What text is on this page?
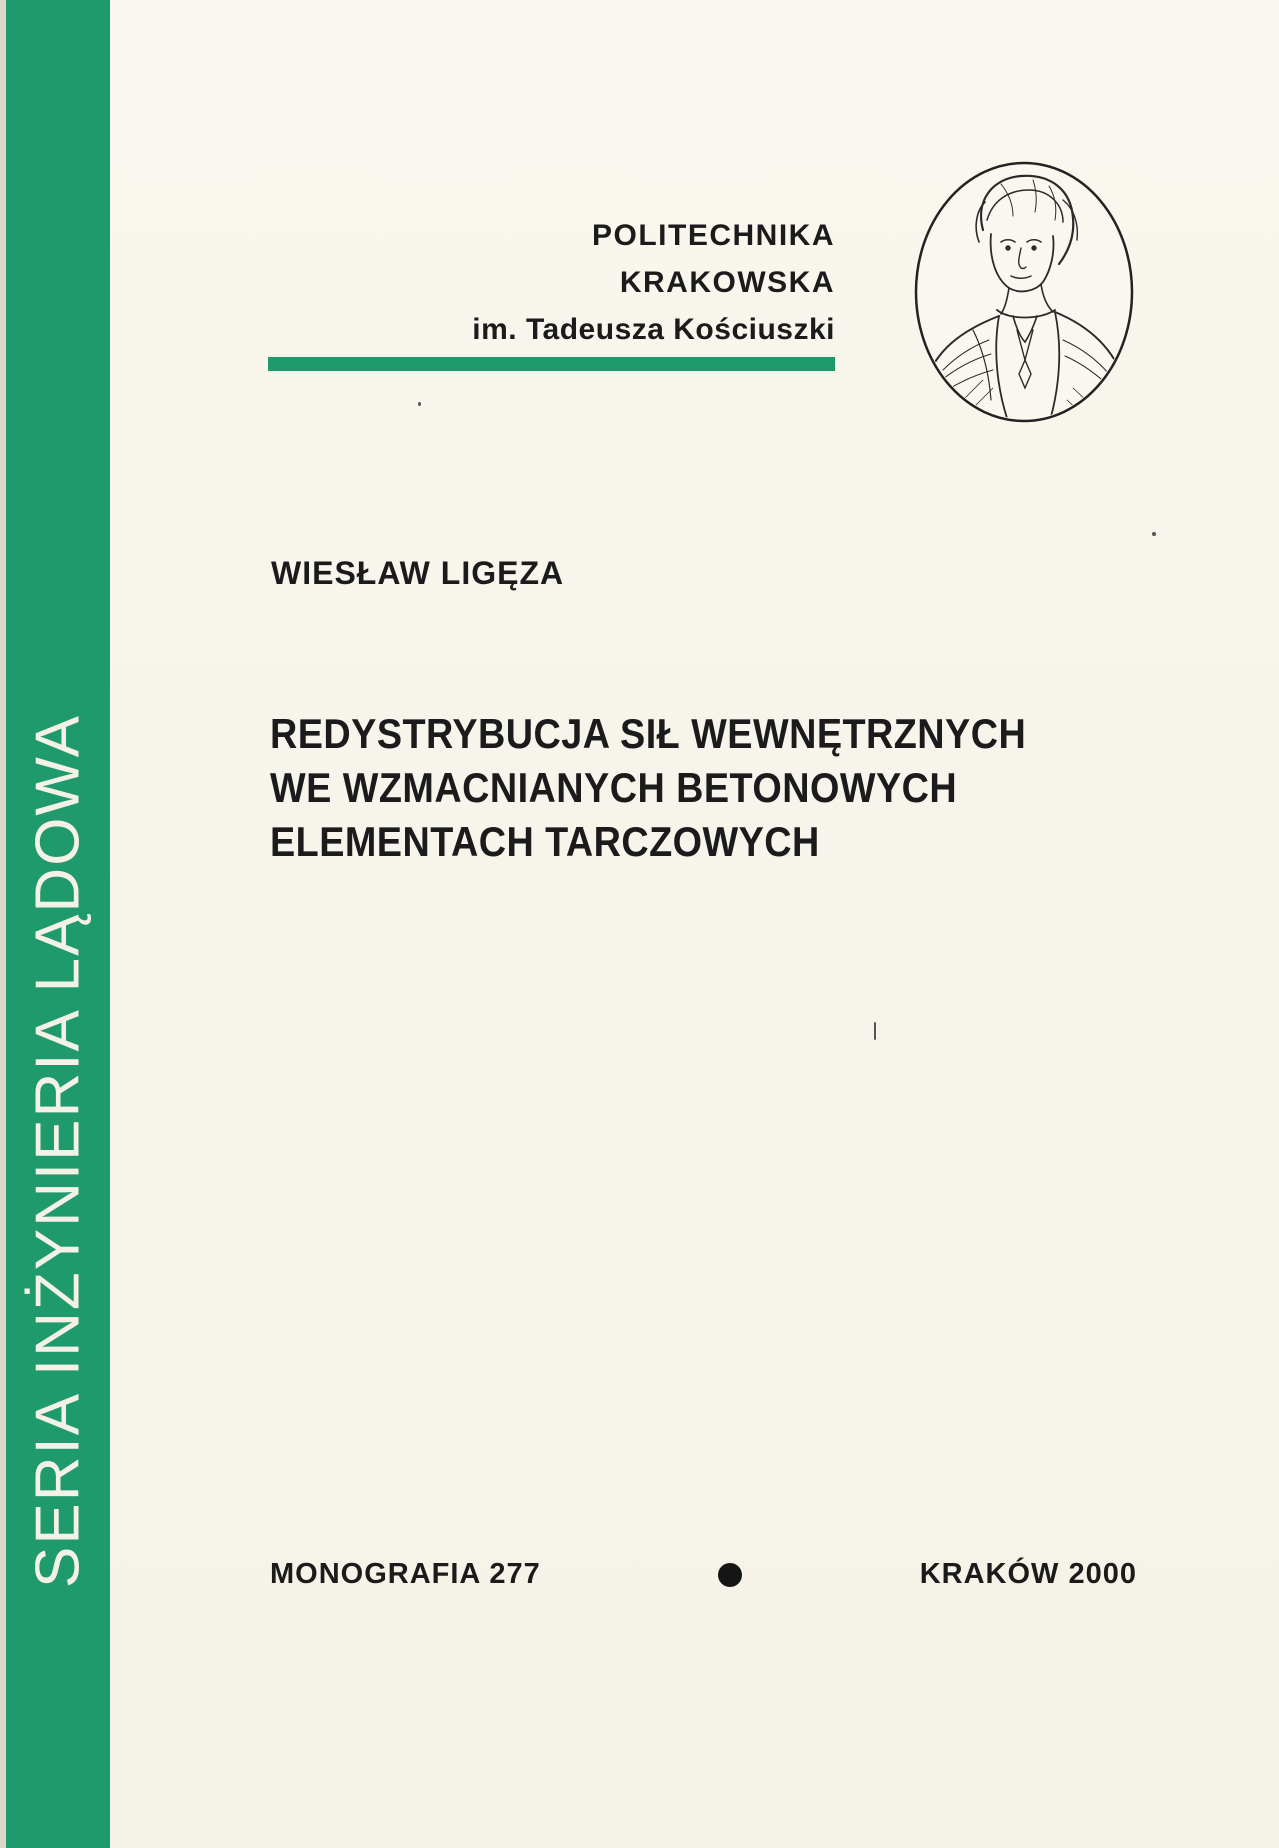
SERIA INŻYNIERIA LĄDOWA
POLITECHNIKA
KRAKOWSKA
im. Tadeusza Kościuszki
WIESŁAW LIGĘZA
REDYSTRYBUCJA SIŁ WEWNĘTRZNYCH
WE WZMACNIANYCH BETONOWYCH
ELEMENTACH TARCZOWYCH
MONOGRAFIA 277	KRAKÓW 2000
